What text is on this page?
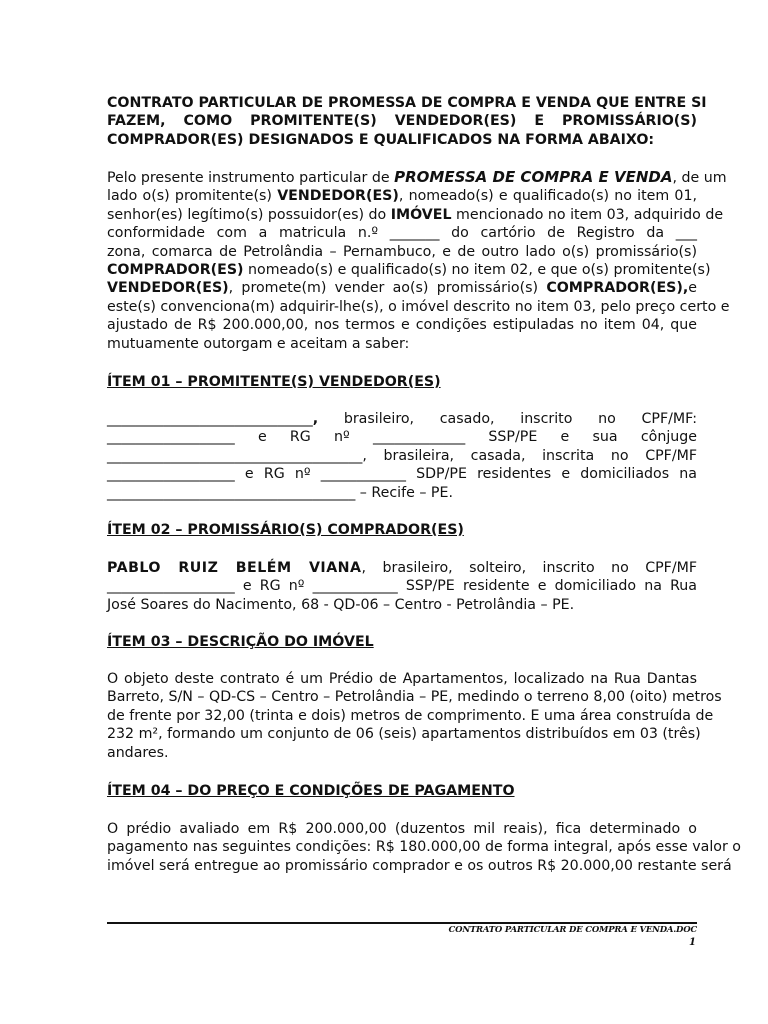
CONTRATO PARTICULAR DE PROMESSA DE COMPRA E VENDA QUE ENTRE SI
FAZEM, COMO PROMITENTE(S) VENDEDOR(ES) E PROMISSÁRIO(S)
COMPRADOR(ES) DESIGNADOS E QUALIFICADOS NA FORMA ABAIXO:
Pelo presente instrumento particular de PROMESSA DE COMPRA E VENDA, de um
lado o(s) promitente(s) VENDEDOR(ES), nomeado(s) e qualificado(s) no item 01,
senhor(es) legítimo(s) possuidor(es) do IMÓVEL mencionado no item 03, adquirido de
conformidade com a matricula n.º _______ do cartório de Registro da ___
zona, comarca de Petrolândia – Pernambuco, e de outro lado o(s) promissário(s)
COMPRADOR(ES) nomeado(s) e qualificado(s) no item 02, e que o(s) promitente(s)
VENDEDOR(ES), promete(m) vender ao(s) promissário(s) COMPRADOR(ES),e
este(s) convenciona(m) adquirir-lhe(s), o imóvel descrito no item 03, pelo preço certo e
ajustado de R$ 200.000,00, nos termos e condições estipuladas no item 04, que
mutuamente outorgam e aceitam a saber:
ÍTEM 01 – PROMITENTE(S) VENDEDOR(ES)
_____________________________, brasileiro, casado, inscrito no CPF/MF:
__________________ e RG nº _____________ SSP/PE e sua cônjuge
____________________________________, brasileira, casada, inscrita no CPF/MF
__________________ e RG nº ____________ SDP/PE residentes e domiciliados na
___________________________________ – Recife – PE.
ÍTEM 02 – PROMISSÁRIO(S) COMPRADOR(ES)
PABLO RUIZ BELÉM VIANA, brasileiro, solteiro, inscrito no CPF/MF
__________________ e RG nº ____________ SSP/PE residente e domiciliado na Rua
José Soares do Nacimento, 68 - QD-06 – Centro - Petrolândia – PE.
ÍTEM 03 – DESCRIÇÃO DO IMÓVEL
O objeto deste contrato é um Prédio de Apartamentos, localizado na Rua Dantas
Barreto, S/N – QD-CS – Centro – Petrolândia – PE, medindo o terreno 8,00 (oito) metros
de frente por 32,00 (trinta e dois) metros de comprimento. E uma área construída de
232 m², formando um conjunto de 06 (seis) apartamentos distribuídos em 03 (três)
andares.
ÍTEM 04 – DO PREÇO E CONDIÇÕES DE PAGAMENTO
O prédio avaliado em R$ 200.000,00 (duzentos mil reais), fica determinado o
pagamento nas seguintes condições: R$ 180.000,00 de forma integral, após esse valor o
imóvel será entregue ao promissário comprador e os outros R$ 20.000,00 restante será
CONTRATO PARTICULAR DE COMPRA E VENDA.DOC
1
